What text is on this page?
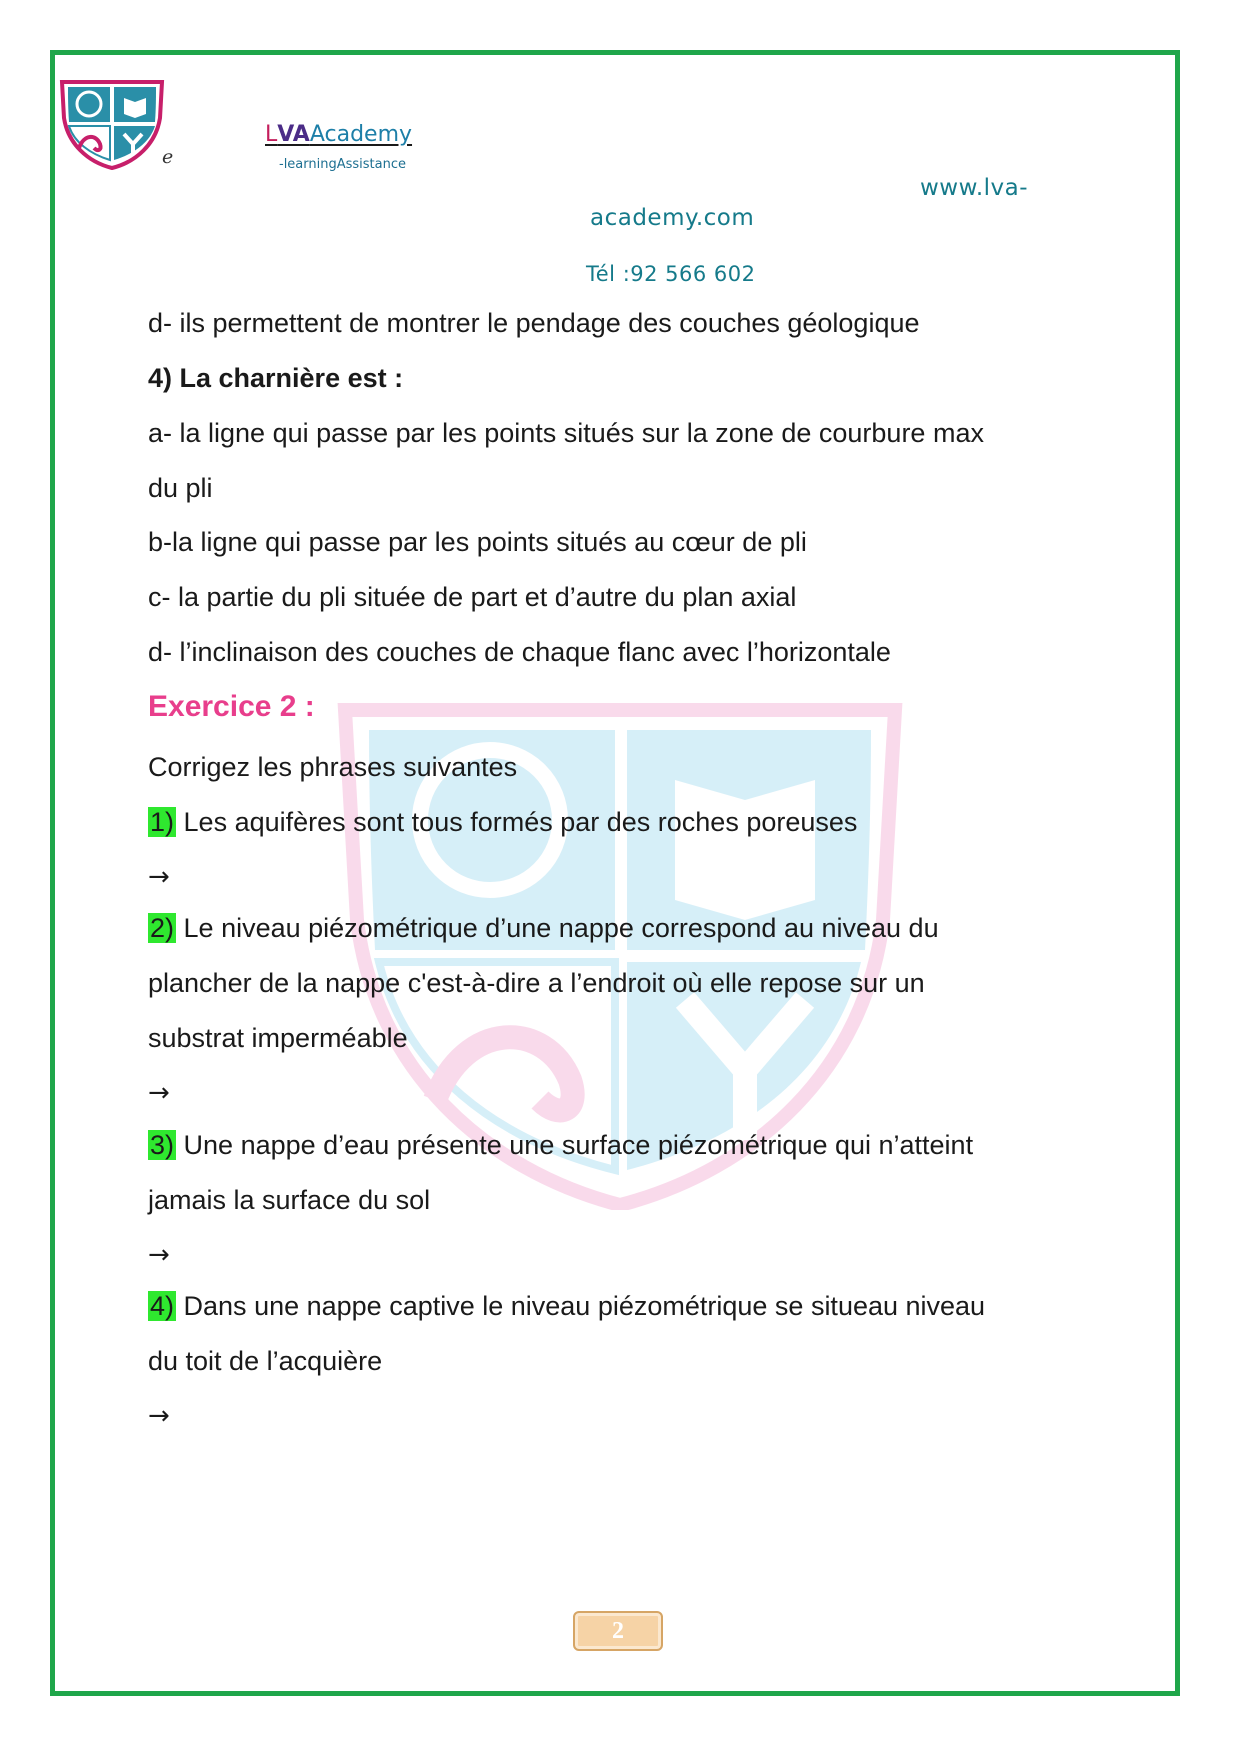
e
LVAAcademy
-learningAssistance
www.lva-
academy.com
Tél :92 566 602
d- ils permettent de montrer le pendage des couches géologique
4) La charnière est :
a- la ligne qui passe par les points situés sur la zone de courbure max
du pli
b-la ligne qui passe par les points situés au cœur de pli
c- la partie du pli située de part et d’autre du plan axial
d- l’inclinaison des couches de chaque flanc avec l’horizontale
Exercice 2 :
Corrigez les phrases suivantes
1) Les aquifères sont tous formés par des roches poreuses
→
2) Le niveau piézométrique d’une nappe correspond au niveau du
plancher de la nappe c'est-à-dire a l’endroit où elle repose sur un
substrat imperméable
→
3) Une nappe d’eau présente une surface piézométrique qui n’atteint
jamais la surface du sol
→
4) Dans une nappe captive le niveau piézométrique se situeau niveau
du toit de l’acquière
→
2
